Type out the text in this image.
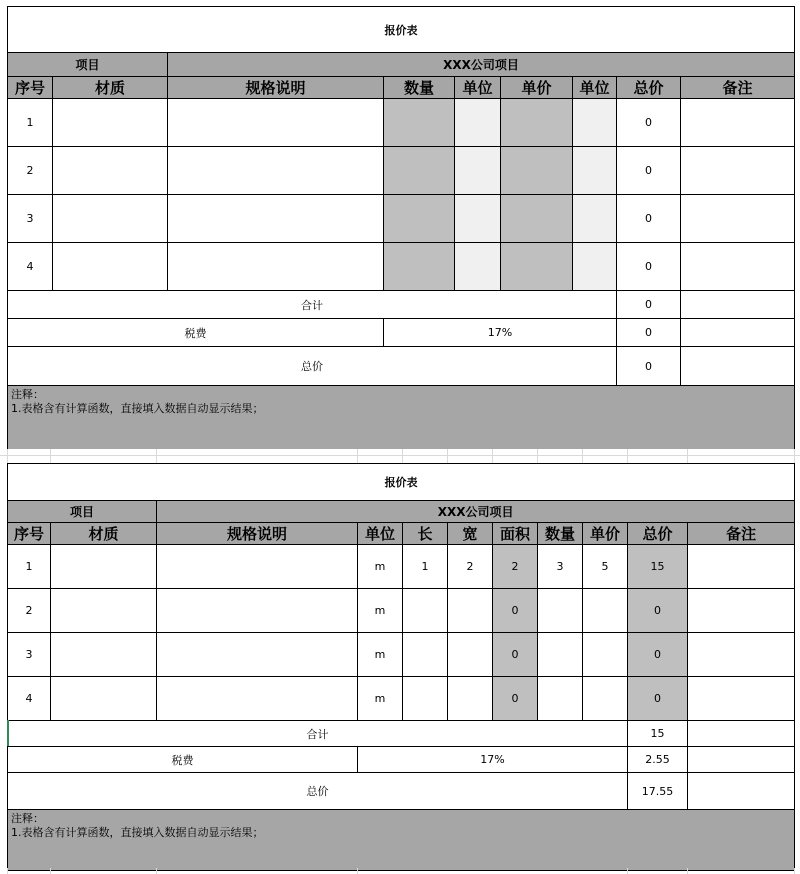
报价表								
项目		XXX公司项目						
序号	材质	规格说明	数量	单位	单价	单位	总价	备注
1							0	
2							0	
3							0	
4							0	
合计							0	
税费			17%				0	
总价							0	

注释：
1.表格含有计算函数，直接填入数据自动显示结果；								
报价表										
项目		XXX公司项目								
序号	材质	规格说明	单位	长	宽	面积	数量	单价	总价	备注
1			m	1	2	2	3	5	15	
2			m			0			0	
3			m			0			0	
4			m			0			0	
合计									15	
税费			17%						2.55	
总价									17.55	

注释：
1.表格含有计算函数，直接填入数据自动显示结果；										
